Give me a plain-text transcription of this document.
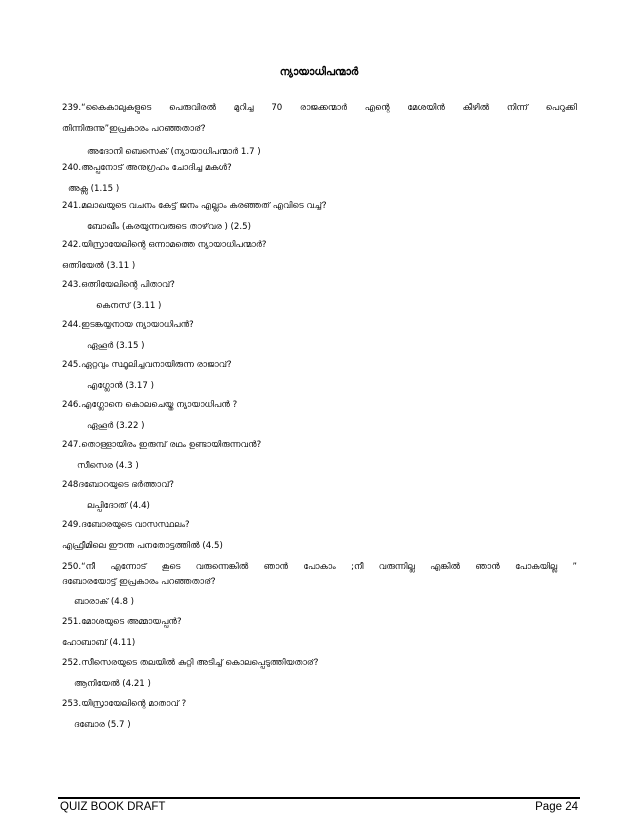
ന്യായാധിപന്മാർ
239.“കൈകാലുകളുടെ പെരുവിരൽ മുറിച്ച 70 രാജക്കന്മാർ എന്റെ മേശയിൻ കീഴിൽ നിന്ന് പെറുക്കി
തിന്നിരുന്നു”ഇപ്രകാരം പറഞ്ഞതാര്?
അദോനി ബെസെക് (ന്യായാധിപന്മാർ 1.7 )
240.അപ്പനോട് അനുഗ്രഹം ചോദിച്ച മകൾ?
അക്സ (1.15 )
241.മലാഖയുടെ വചനം കേട്ട് ജനം എല്ലാം കരഞ്ഞത് എവിടെ വച്ച്?
ബോഖീം (കരയുന്നവരുടെ താഴ്‌വര ) (2.5)
242.യിസ്രായേലിന്റെ ഒന്നാമത്തെ ന്യായാധിപന്മാർ?
ഒത്നിയേൽ (3.11 )
243.ഒത്നിയേലിന്റെ പിതാവ്?
കെനസ് (3.11 )
244.ഇടങ്കയ്യനായ ന്യായാധിപൻ?
ഏഹൂർ (3.15 )
245.ഏറ്റവും സ്ഥൂലിച്ചവനായിരുന്ന രാജാവ്?
എഗ്ലോൻ (3.17 )
246.എഗ്ലോനെ കൊലചെയ്ത ന്യായാധിപൻ ?
ഏഹൂർ (3.22 )
247.തൊള്ളായിരം ഇരുമ്പ് രഥം ഉണ്ടായിരുന്നവൻ?
സീസെര (4.3 )
248ദബോറയുടെ ഭർത്താവ്?
ലപ്പിദോത് (4.4)
249.ദബോരയുടെ വാസസ്ഥലം?
എഫ്രീമിലെ ഈന്ത പനതോട്ടത്തിൽ (4.5)
250.“നീ എന്നോട് കൂടെ വരുന്നെങ്കിൽ ഞാൻ പോകാം ;നീ വരുന്നില്ല എങ്കിൽ ഞാൻ പോകയില്ല ”
ദബോരയോട്ട് ഇപ്രകാരം പറഞ്ഞതാര്?
ബാരാക് (4.8 )
251.മോശയുടെ അമ്മായപ്പൻ?
ഹോബാബ് (4.11)
252.സീസെരയുടെ തലയിൽ കുറ്റി അടിച്ച് കൊലപ്പെടുത്തിയതാര്?
ആനിയേൽ (4.21 )
QUIZ BOOK DRAFT	Page 24
253.യിസ്രായേലിന്റെ മാതാവ് ?
ദബോര (5.7 )
